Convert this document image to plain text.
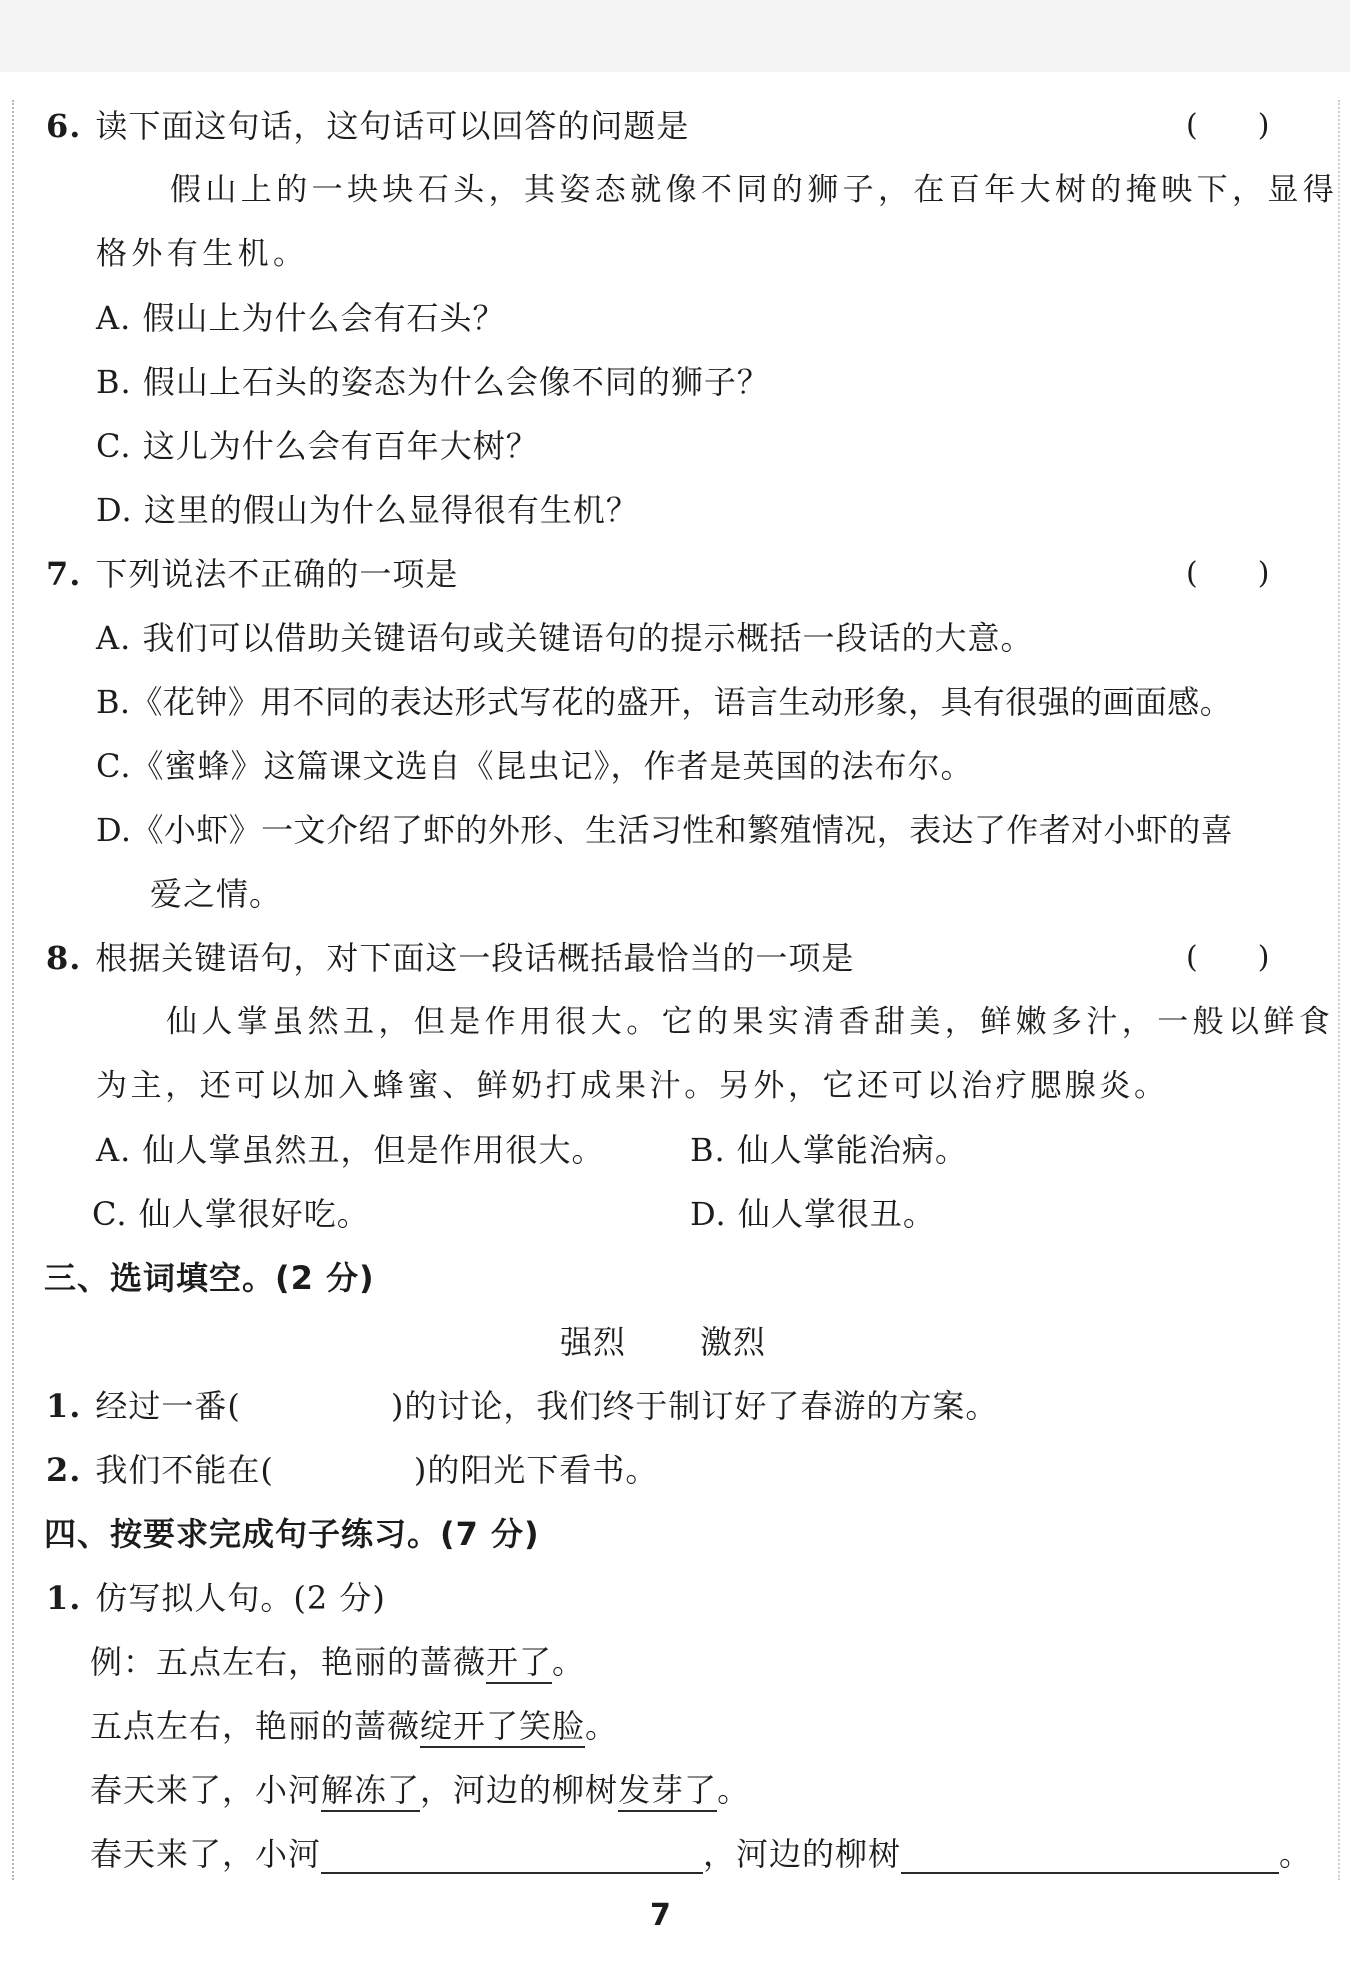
6. 读下面这句话，这句话可以回答的问题是	(　　)
假山上的一块块石头，其姿态就像不同的狮子，在百年大树的掩映下，显得
格外有生机。
A. 假山上为什么会有石头？
B. 假山上石头的姿态为什么会像不同的狮子？
C. 这儿为什么会有百年大树？
D. 这里的假山为什么显得很有生机？
7. 下列说法不正确的一项是	(　　)
A. 我们可以借助关键语句或关键语句的提示概括一段话的大意。
B.《花钟》用不同的表达形式写花的盛开，语言生动形象，具有很强的画面感。
C.《蜜蜂》这篇课文选自《昆虫记》，作者是英国的法布尔。
D.《小虾》一文介绍了虾的外形、生活习性和繁殖情况，表达了作者对小虾的喜
爱之情。
8. 根据关键语句，对下面这一段话概括最恰当的一项是	(　　)
仙人掌虽然丑，但是作用很大。它的果实清香甜美，鲜嫩多汁，一般以鲜食
为主，还可以加入蜂蜜、鲜奶打成果汁。另外，它还可以治疗腮腺炎。
A. 仙人掌虽然丑，但是作用很大。	B. 仙人掌能治病。
C. 仙人掌很好吃。	D. 仙人掌很丑。
三、选词填空。(2 分)
强烈 激烈
1. 经过一番(	)的讨论，我们终于制订好了春游的方案。
2. 我们不能在(	)的阳光下看书。
四、按要求完成句子练习。(7 分)
1. 仿写拟人句。(2 分)
例：五点左右，艳丽的蔷薇开了。
五点左右，艳丽的蔷薇绽开了笑脸。
春天来了，小河解冻了，河边的柳树发芽了。
春天来了，小河	，河边的柳树	。
7
